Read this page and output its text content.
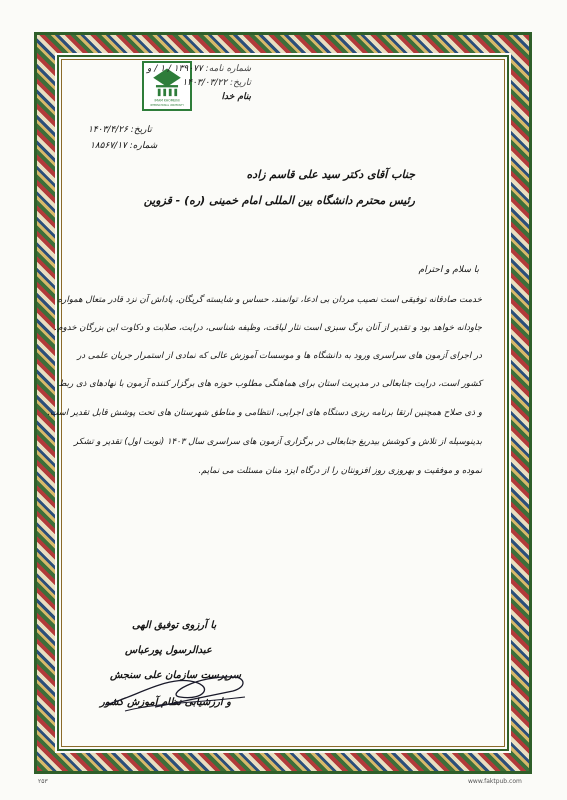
IMAM KHOMEINI
INTERNATIONAL UNIVERSITY
شماره نامه: ۱۳۹۰۷۷ / ۱ / و
تاریخ: ۱۴۰۳/۰۳/۲۲
بنام خدا
تاریخ: ۱۴۰۳/۴/۲۶
شماره: ۱۸۵۶۷/۱۷
جناب آقای دکتر سید علی قاسم زاده
رئیس محترم دانشگاه بین المللی امام خمینی (ره) - قزوین
با سلام و احترام
خدمت صادقانه توفیقی است نصیب مردان بی ادعا، توانمند، حساس و شایسته گریگان، پاداش آن نزد قادر متعال همواره
جاودانه خواهد بود و تقدیر از آنان برگ سبزی است نثار لیاقت، وظیفه شناسی، درایت، صلابت و دکاوت این بزرگان خدوم.
در اجرای آزمون های سراسری ورود به دانشگاه ها و موسسات آموزش عالی که نمادی از استمرار جریان علمی در
کشور است، درایت جنابعالی در مدیریت استان برای هماهنگی مطلوب حوزه های برگزار کننده آزمون با نهادهای ذی ربط
و ذی صلاح همچنین ارتقا برنامه ریزی دستگاه های اجرایی، انتظامی و مناطق شهرستان های تحت پوشش قابل تقدیر است.
بدینوسیله از تلاش و کوشش بیدریغ جنابعالی در برگزاری آزمون های سراسری سال ۱۴۰۳ (نوبت اول) تقدیر و تشکر
نموده و موفقیت و بهروزی روز افزونتان را از درگاه ایزد منان مسئلت می نمایم.
با آرزوی توفیق الهی
عبدالرسول پورعباس
سرپرست سازمان علی سنجش
و ارزشیابی نظام آموزش کشور
www.faktpub.com
۲۵۳
